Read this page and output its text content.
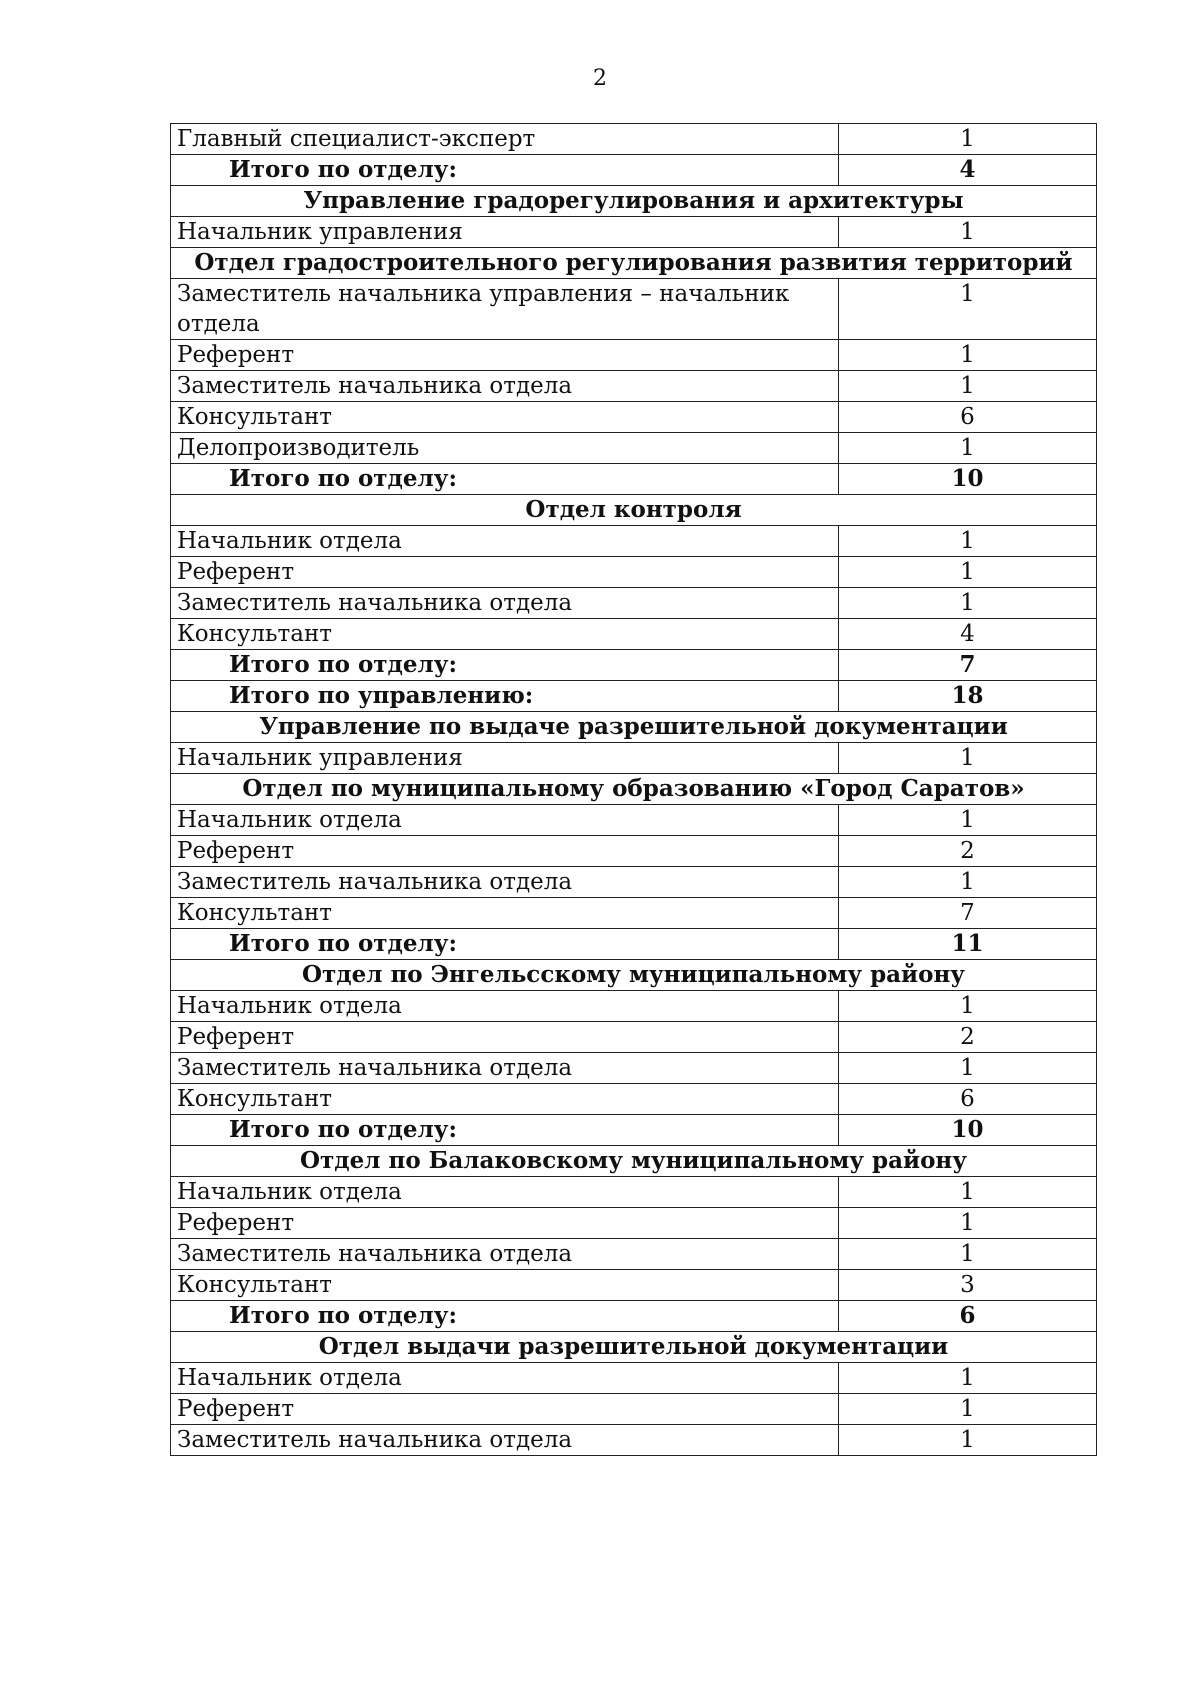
2
Главный специалист-эксперт	1
Итого по отделу:	4
Управление градорегулирования и архитектуры	
Начальник управления	1
Отдел градостроительного регулирования развития территорий	
Заместитель начальника управления – начальник отдела	1
Референт	1
Заместитель начальника отдела	1
Консультант	6
Делопроизводитель	1
Итого по отделу:	10
Отдел контроля	
Начальник отдела	1
Референт	1
Заместитель начальника отдела	1
Консультант	4
Итого по отделу:	7
Итого по управлению:	18
Управление по выдаче разрешительной документации	
Начальник управления	1
Отдел по муниципальному образованию «Город Саратов»	
Начальник отдела	1
Референт	2
Заместитель начальника отдела	1
Консультант	7
Итого по отделу:	11
Отдел по Энгельсскому муниципальному району	
Начальник отдела	1
Референт	2
Заместитель начальника отдела	1
Консультант	6
Итого по отделу:	10
Отдел по Балаковскому муниципальному району	
Начальник отдела	1
Референт	1
Заместитель начальника отдела	1
Консультант	3
Итого по отделу:	6
Отдел выдачи разрешительной документации	
Начальник отдела	1
Референт	1
Заместитель начальника отдела	1
